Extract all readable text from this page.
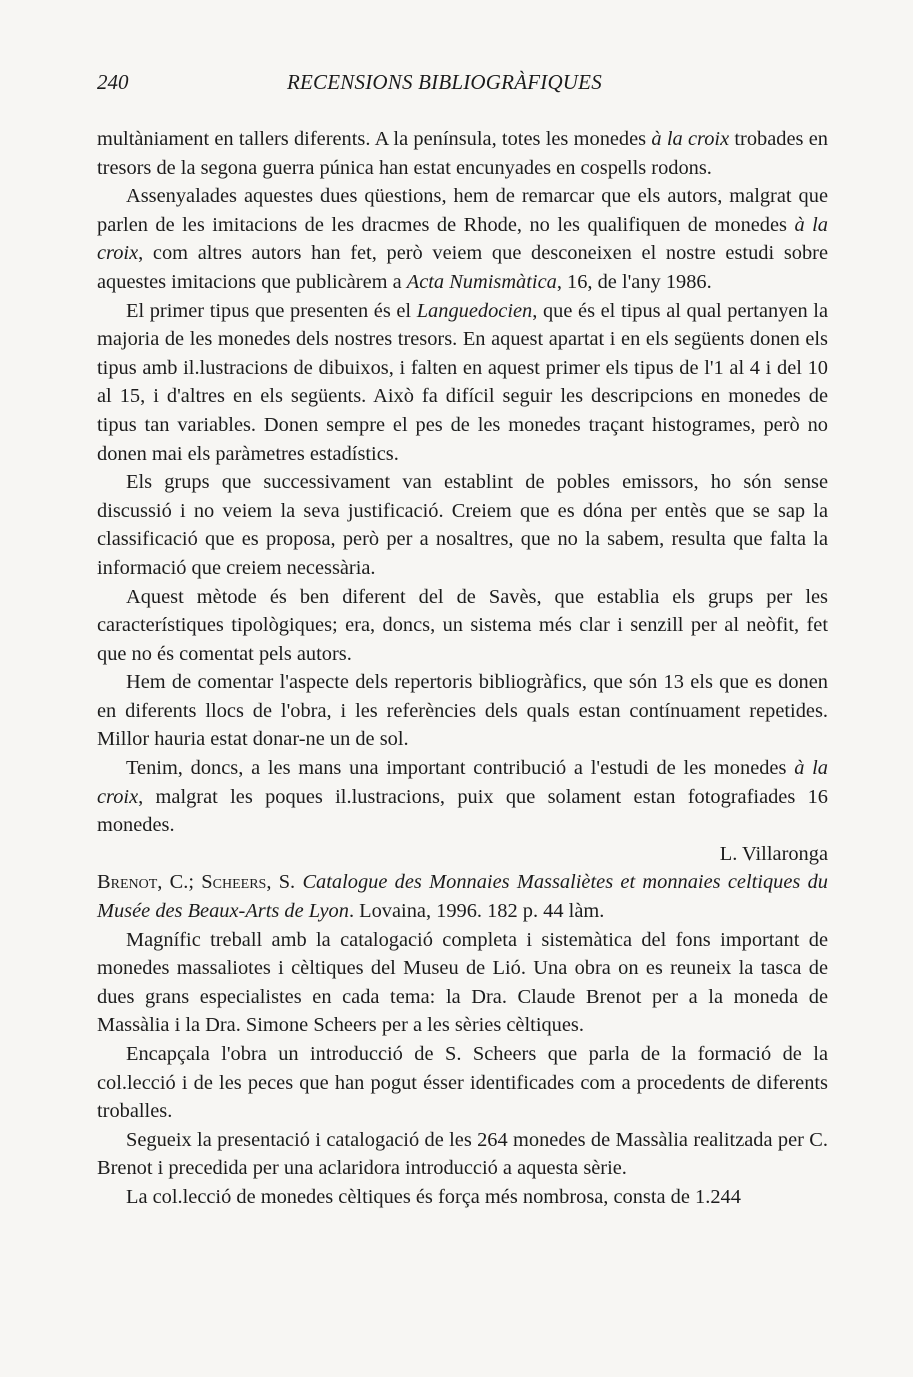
240	RECENSIONS BIBLIOGRÀFIQUES

multàniament en tallers diferents. A la península, totes les monedes à la croix trobades en tresors de la segona guerra púnica han estat encunyades en cospells rodons.

Assenyalades aquestes dues qüestions, hem de remarcar que els autors, malgrat que parlen de les imitacions de les dracmes de Rhode, no les qualifiquen de monedes à la croix, com altres autors han fet, però veiem que desconeixen el nostre estudi sobre aquestes imitacions que publicàrem a Acta Numismàtica, 16, de l'any 1986.

El primer tipus que presenten és el Languedocien, que és el tipus al qual pertanyen la majoria de les monedes dels nostres tresors. En aquest apartat i en els següents donen els tipus amb il.lustracions de dibuixos, i falten en aquest primer els tipus de l'1 al 4 i del 10 al 15, i d'altres en els següents. Això fa difícil seguir les descripcions en monedes de tipus tan variables. Donen sempre el pes de les monedes traçant histogrames, però no donen mai els paràmetres estadístics.

Els grups que successivament van establint de pobles emissors, ho són sense discussió i no veiem la seva justificació. Creiem que es dóna per entès que se sap la classificació que es proposa, però per a nosaltres, que no la sabem, resulta que falta la informació que creiem necessària.

Aquest mètode és ben diferent del de Savès, que establia els grups per les característiques tipològiques; era, doncs, un sistema més clar i senzill per al neòfit, fet que no és comentat pels autors.

Hem de comentar l'aspecte dels repertoris bibliogràfics, que són 13 els que es donen en diferents llocs de l'obra, i les referències dels quals estan contínuament repetides. Millor hauria estat donar-ne un de sol.

Tenim, doncs, a les mans una important contribució a l'estudi de les monedes à la croix, malgrat les poques il.lustracions, puix que solament estan fotografiades 16 monedes.

L. Villaronga

Brenot, C.; Scheers, S. Catalogue des Monnaies Massaliètes et monnaies celtiques du Musée des Beaux-Arts de Lyon. Lovaina, 1996. 182 p. 44 làm.

Magnífic treball amb la catalogació completa i sistemàtica del fons important de monedes massaliotes i cèltiques del Museu de Lió. Una obra on es reuneix la tasca de dues grans especialistes en cada tema: la Dra. Claude Brenot per a la moneda de Massàlia i la Dra. Simone Scheers per a les sèries cèltiques.

Encapçala l'obra un introducció de S. Scheers que parla de la formació de la col.lecció i de les peces que han pogut ésser identificades com a procedents de diferents troballes.

Segueix la presentació i catalogació de les 264 monedes de Massàlia realitzada per C. Brenot i precedida per una aclaridora introducció a aquesta sèrie.

La col.lecció de monedes cèltiques és força més nombrosa, consta de 1.244
